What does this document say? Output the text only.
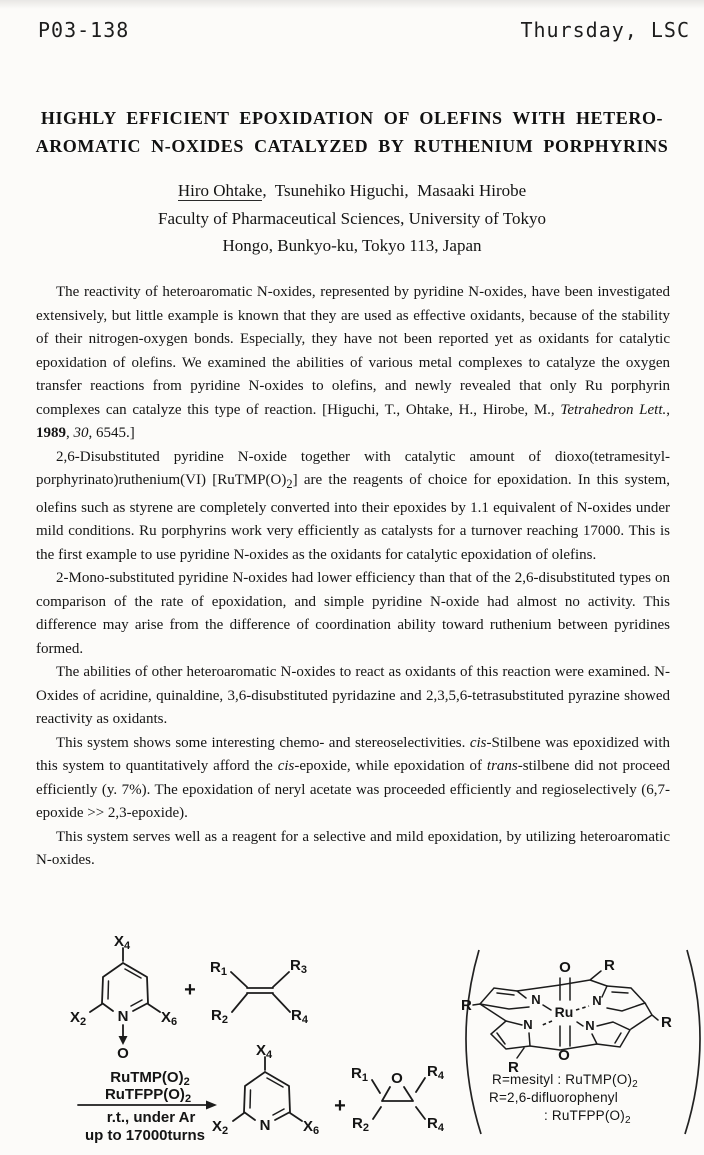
P03-138	Thursday, LSC
HIGHLY EFFICIENT EPOXIDATION OF OLEFINS WITH HETERO-
AROMATIC N-OXIDES CATALYZED BY RUTHENIUM PORPHYRINS
Hiro Ohtake,  Tsunehiko Higuchi,  Masaaki Hirobe
Faculty of Pharmaceutical Sciences, University of Tokyo
Hongo, Bunkyo-ku, Tokyo 113, Japan

The reactivity of heteroaromatic N-oxides, represented by pyridine N-oxides, have been investigated extensively, but little example is known that they are used as effective oxidants, because of the stability of their nitrogen-oxygen bonds. Especially, they have not been reported yet as oxidants for catalytic epoxidation of olefins. We examined the abilities of various metal complexes to catalyze the oxygen transfer reactions from pyridine N-oxides to olefins, and newly revealed that only Ru porphyrin complexes can catalyze this type of reaction. [Higuchi, T., Ohtake, H., Hirobe, M., Tetrahedron Lett., 1989, 30, 6545.]

2,6-Disubstituted pyridine N-oxide together with catalytic amount of dioxo(tetramesityl-porphyrinato)ruthenium(VI) $[RuTMP(O)_2]$ are the reagents of choice for epoxidation. In this system, olefins such as styrene are completely converted into their epoxides by 1.1 equivalent of N-oxides under mild conditions. Ru porphyrins work very efficiently as catalysts for a turnover reaching 17000. This is the first example to use pyridine N-oxides as the oxidants for catalytic epoxidation of olefins.

2-Mono-substituted pyridine N-oxides had lower efficiency than that of the 2,6-disubstituted types on comparison of the rate of epoxidation, and simple pyridine N-oxide had almost no activity. This difference may arise from the difference of coordination ability toward ruthenium between pyridines formed.

The abilities of other heteroaromatic N-oxides to react as oxidants of this reaction were examined. N-Oxides of acridine, quinaldine, 3,6-disubstituted pyridazine and 2,3,5,6-tetrasubstituted pyrazine showed reactivity as oxidants.

This system shows some interesting chemo- and stereoselectivities. cis-Stilbene was epoxidized with this system to quantitatively afford the cis-epoxide, while epoxidation of trans-stilbene did not proceed efficiently (y. 7%). The epoxidation of neryl acetate was proceeded efficiently and regioselectively (6,7-epoxide >> 2,3-epoxide).

This system serves well as a reagent for a selective and mild epoxidation, by utilizing heteroaromatic N-oxides.

$X_4$
$X_2$	$X_6$
N
O
+
$R_1$
$R_2$
$R_3$
$R_4$
$RuTMP(O)_2$
$RuTFPP(O)_2$
r.t., under Ar
up to 17000turns
$X_4$
$X_2$	$X_6$
N
+
O
$R_1$
$R_2$
$R_4$
$R_4$
O
O
Ru
N	N
N	N
R
R
R
R
R=mesityl : $RuTMP(O)_2$
R=2,6-difluorophenyl
: $RuTFPP(O)_2$
